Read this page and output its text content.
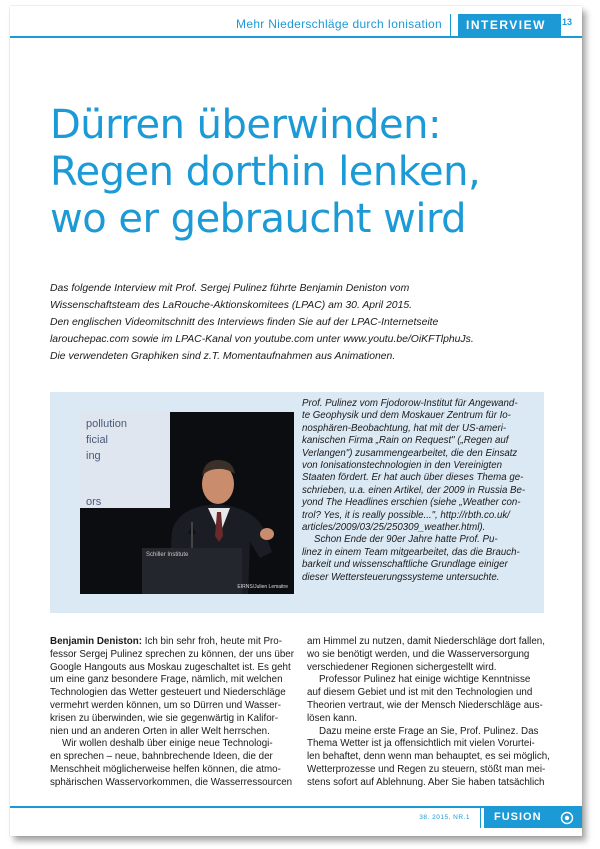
Mehr Niederschläge durch Ionisation	INTERVIEW	13
Dürren überwinden:
Regen dorthin lenken,
wo er gebraucht wird
Das folgende Interview mit Prof. Sergej Pulinez führte Benjamin Deniston vom
Wissenschaftsteam des LaRouche-Aktionskomitees (LPAC) am 30. April 2015.
Den englischen Videomitschnitt des Interviews finden Sie auf der LPAC-Internetseite
larouchepac.com sowie im LPAC-Kanal von youtube.com unter www.youtu.be/OiKFTlphuJs.
Die verwendeten Graphiken sind z.T. Momentaufnahmen aus Animationen.
pollution
ficial
ing
ors
Schiller Institute
EIRNS/Julien Lemaitre
Prof. Pulinez vom Fjodorow-Institut für Angewand-
te Geophysik und dem Moskauer Zentrum für Io-
nosphären-Beobachtung, hat mit der US-ameri-
kanischen Firma „Rain on Request" („Regen auf
Verlangen") zusammengearbeitet, die den Einsatz
von Ionisationstechnologien in den Vereinigten
Staaten fördert. Er hat auch über dieses Thema ge-
schrieben, u.a. einen Artikel, der 2009 in Russia Be-
yond The Headlines erschien (siehe „Weather con-
trol? Yes, it is really possible...", http://rbth.co.uk/
articles/2009/03/25/250309_weather.html).
Schon Ende der 90er Jahre hatte Prof. Pu-
linez in einem Team mitgearbeitet, das die Brauch-
barkeit und wissenschaftliche Grundlage einiger
dieser Wettersteuerungssysteme untersuchte.
Benjamin Deniston: Ich bin sehr froh, heute mit Pro-
fessor Sergej Pulinez sprechen zu können, der uns über
Google Hangouts aus Moskau zugeschaltet ist. Es geht
um eine ganz besondere Frage, nämlich, mit welchen
Technologien das Wetter gesteuert und Niederschläge
vermehrt werden können, um so Dürren und Wasser-
krisen zu überwinden, wie sie gegenwärtig in Kalifor-
nien und an anderen Orten in aller Welt herrschen.
Wir wollen deshalb über einige neue Technologi-
en sprechen – neue, bahnbrechende Ideen, die der
Menschheit möglicherweise helfen können, die atmo-
sphärischen Wasservorkommen, die Wasserressourcen
am Himmel zu nutzen, damit Niederschläge dort fallen,
wo sie benötigt werden, und die Wasserversorgung
verschiedener Regionen sichergestellt wird.
Professor Pulinez hat einige wichtige Kenntnisse
auf diesem Gebiet und ist mit den Technologien und
Theorien vertraut, wie der Mensch Niederschläge aus-
lösen kann.
Dazu meine erste Frage an Sie, Prof. Pulinez. Das
Thema Wetter ist ja offensichtlich mit vielen Vorurtei-
len behaftet, denn wenn man behauptet, es sei möglich,
Wetterprozesse und Regen zu steuern, stößt man mei-
stens sofort auf Ablehnung. Aber Sie haben tatsächlich
38. 2015, NR.1 FUSION
